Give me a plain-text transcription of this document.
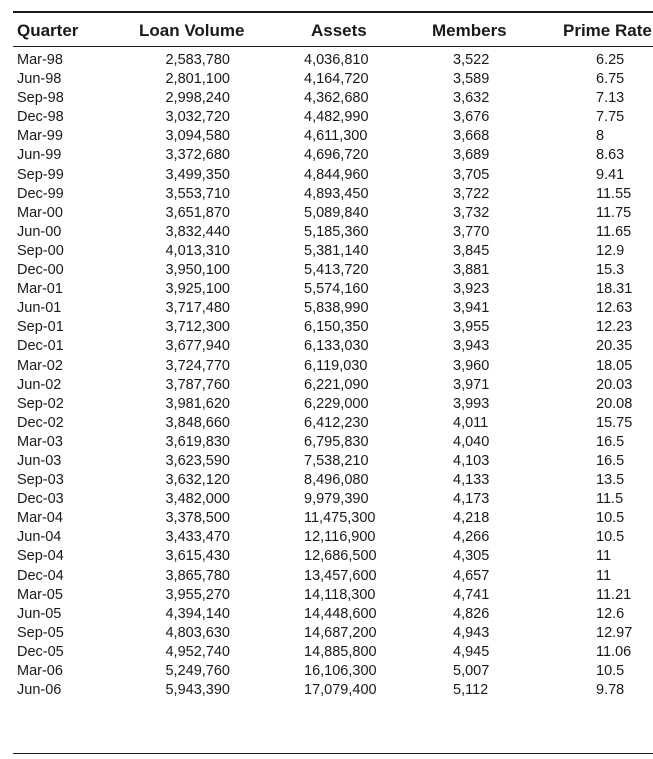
Quarter	Loan Volume	Assets	Members	Prime Rate
Mar-98	2,583,780	4,036,810	3,522	6.25
Jun-98	2,801,100	4,164,720	3,589	6.75
Sep-98	2,998,240	4,362,680	3,632	7.13
Dec-98	3,032,720	4,482,990	3,676	7.75
Mar-99	3,094,580	4,611,300	3,668	8
Jun-99	3,372,680	4,696,720	3,689	8.63
Sep-99	3,499,350	4,844,960	3,705	9.41
Dec-99	3,553,710	4,893,450	3,722	11.55
Mar-00	3,651,870	5,089,840	3,732	11.75
Jun-00	3,832,440	5,185,360	3,770	11.65
Sep-00	4,013,310	5,381,140	3,845	12.9
Dec-00	3,950,100	5,413,720	3,881	15.3
Mar-01	3,925,100	5,574,160	3,923	18.31
Jun-01	3,717,480	5,838,990	3,941	12.63
Sep-01	3,712,300	6,150,350	3,955	12.23
Dec-01	3,677,940	6,133,030	3,943	20.35
Mar-02	3,724,770	6,119,030	3,960	18.05
Jun-02	3,787,760	6,221,090	3,971	20.03
Sep-02	3,981,620	6,229,000	3,993	20.08
Dec-02	3,848,660	6,412,230	4,011	15.75
Mar-03	3,619,830	6,795,830	4,040	16.5
Jun-03	3,623,590	7,538,210	4,103	16.5
Sep-03	3,632,120	8,496,080	4,133	13.5
Dec-03	3,482,000	9,979,390	4,173	11.5
Mar-04	3,378,500	11,475,300	4,218	10.5
Jun-04	3,433,470	12,116,900	4,266	10.5
Sep-04	3,615,430	12,686,500	4,305	11
Dec-04	3,865,780	13,457,600	4,657	11
Mar-05	3,955,270	14,118,300	4,741	11.21
Jun-05	4,394,140	14,448,600	4,826	12.6
Sep-05	4,803,630	14,687,200	4,943	12.97
Dec-05	4,952,740	14,885,800	4,945	11.06
Mar-06	5,249,760	16,106,300	5,007	10.5
Jun-06	5,943,390	17,079,400	5,112	9.78
